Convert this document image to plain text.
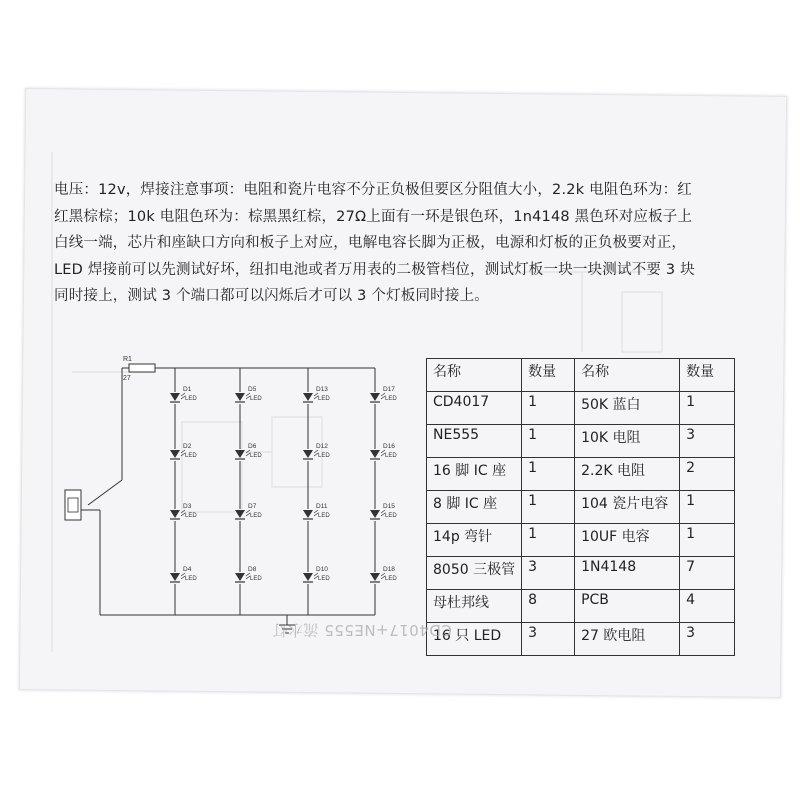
电压：12v，焊接注意事项：电阻和瓷片电容不分正负极但要区分阻值大小，2.2k 电阻色环为：红
红黑棕棕；10k 电阻色环为：棕黑黑红棕，27Ω上面有一环是银色环，1n4148 黑色环对应板子上
白线一端，芯片和座缺口方向和板子上对应，电解电容长脚为正极，电源和灯板的正负极要对正，
LED 焊接前可以先测试好坏，纽扣电池或者万用表的二极管档位，测试灯板一块一块测试不要 3 块
同时接上，测试 3 个端口都可以闪烁后才可以 3 个灯板同时接上。
R1
27
D1
LED
D2
LED
D3
LED
D4
LED
D5
LED
D6
LED
D7
LED
D8
LED
D13
LED
D12
LED
D11
LED
D10
LED
D17
LED
D16
LED
D15
LED
D18
LED
名称	数量	名称	数量
CD4017	1	50K 蓝白	1
NE555	1	10K 电阻	3
16 脚 IC 座	1	2.2K 电阻	2
8 脚 IC 座	1	104 瓷片电容	1
14p 弯针	1	10UF 电容	1
8050 三极管	3	1N4148	7
母杜邦线	8	PCB	4
16 只 LED	3	27 欧电阻	3
CD4017+NE555 流水灯
